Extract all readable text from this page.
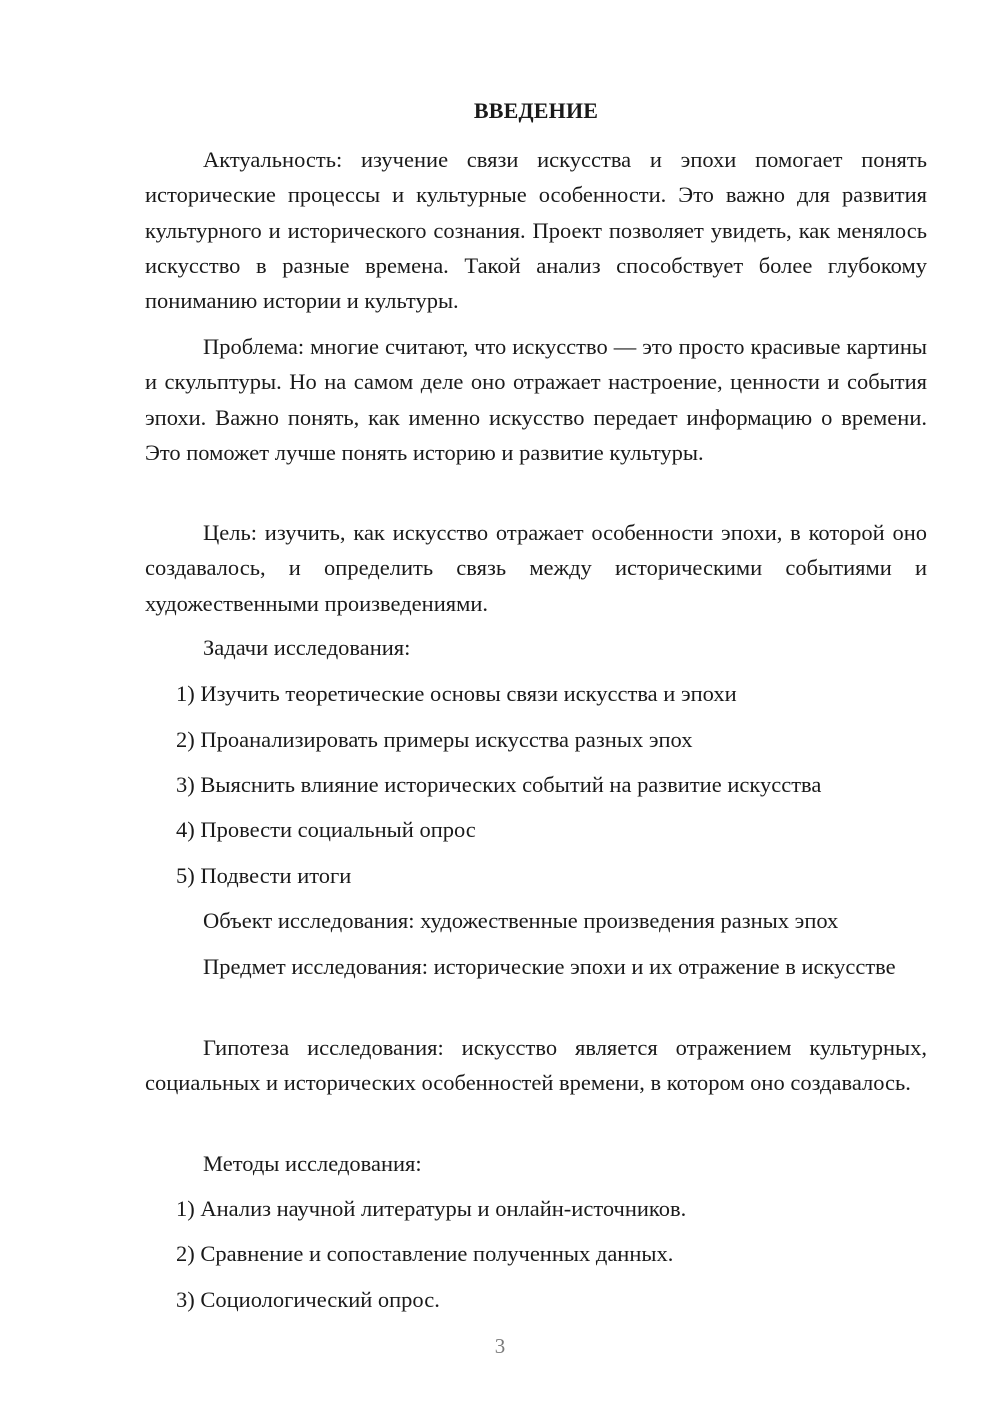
ВВЕДЕНИЕ

Актуальность: изучение связи искусства и эпохи помогает понять исторические процессы и культурные особенности. Это важно для развития культурного и исторического сознания. Проект позволяет увидеть, как менялось искусство в разные времена. Такой анализ способствует более глубокому пониманию истории и культуры.

Проблема: многие считают, что искусство — это просто красивые картины и скульптуры. Но на самом деле оно отражает настроение, ценности и события эпохи. Важно понять, как именно искусство передает информацию о времени. Это поможет лучше понять историю и развитие культуры.

Цель: изучить, как искусство отражает особенности эпохи, в которой оно создавалось, и определить связь между историческими событиями и художественными произведениями.

Задачи исследования:

1) Изучить теоретические основы связи искусства и эпохи

2) Проанализировать примеры искусства разных эпох

3) Выяснить влияние исторических событий на развитие искусства

4) Провести социальный опрос

5) Подвести итоги

Объект исследования: художественные произведения разных эпох

Предмет исследования: исторические эпохи и их отражение в искусстве

Гипотеза исследования: искусство является отражением культурных, социальных и исторических особенностей времени, в котором оно создавалось.

Методы исследования:

1) Анализ научной литературы и онлайн-источников.

2) Сравнение и сопоставление полученных данных.

3) Социологический опрос.

3
